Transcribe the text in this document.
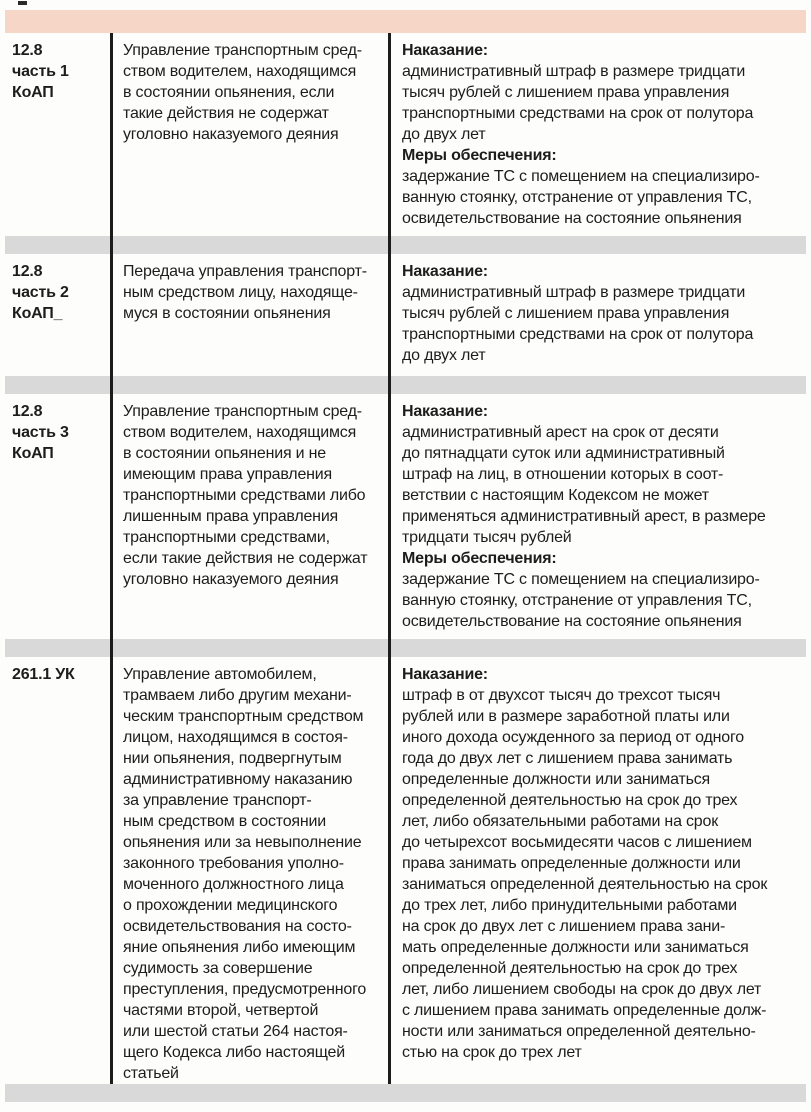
12.8
часть 1
КоАП
Управление транспортным сред-
ством водителем, находящимся
в состоянии опьянения, если
такие действия не содержат
уголовно наказуемого деяния
Наказание:
административный штраф в размере тридцати
тысяч рублей с лишением права управления
транспортными средствами на срок от полутора
до двух лет
Меры обеспечения:
задержание ТС с помещением на специализиро-
ванную стоянку, отстранение от управления ТС,
освидетельствование на состояние опьянения
12.8
часть 2
КоАП_
Передача управления транспорт-
ным средством лицу, находяще-
муся в состоянии опьянения
Наказание:
административный штраф в размере тридцати
тысяч рублей с лишением права управления
транспортными средствами на срок от полутора
до двух лет
12.8
часть 3
КоАП
Управление транспортным сред-
ством водителем, находящимся
в состоянии опьянения и не
имеющим права управления
транспортными средствами либо
лишенным права управления
транспортными средствами,
если такие действия не содержат
уголовно наказуемого деяния
Наказание:
административный арест на срок от десяти
до пятнадцати суток или административный
штраф на лиц, в отношении которых в соот-
ветствии с настоящим Кодексом не может
применяться административный арест, в размере
тридцати тысяч рублей
Меры обеспечения:
задержание ТС с помещением на специализиро-
ванную стоянку, отстранение от управления ТС,
освидетельствование на состояние опьянения
261.1 УК	Управление автомобилем,
трамваем либо другим механи-
ческим транспортным средством
лицом, находящимся в состоя-
нии опьянения, подвергнутым
административному наказанию
за управление транспорт-
ным средством в состоянии
опьянения или за невыполнение
законного требования уполно-
моченного должностного лица
о прохождении медицинского
освидетельствования на состо-
яние опьянения либо имеющим
судимость за совершение
преступления, предусмотренного
частями второй, четвертой
или шестой статьи 264 настоя-
щего Кодекса либо настоящей
статьей
Наказание:
штраф в от двухсот тысяч до трехсот тысяч
рублей или в размере заработной платы или
иного дохода осужденного за период от одного
года до двух лет с лишением права занимать
определенные должности или заниматься
определенной деятельностью на срок до трех
лет, либо обязательными работами на срок
до четырехсот восьмидесяти часов с лишением
права занимать определенные должности или
заниматься определенной деятельностью на срок
до трех лет, либо принудительными работами
на срок до двух лет с лишением права зани-
мать определенные должности или заниматься
определенной деятельностью на срок до трех
лет, либо лишением свободы на срок до двух лет
с лишением права занимать определенные долж-
ности или заниматься определенной деятельно-
стью на срок до трех лет
